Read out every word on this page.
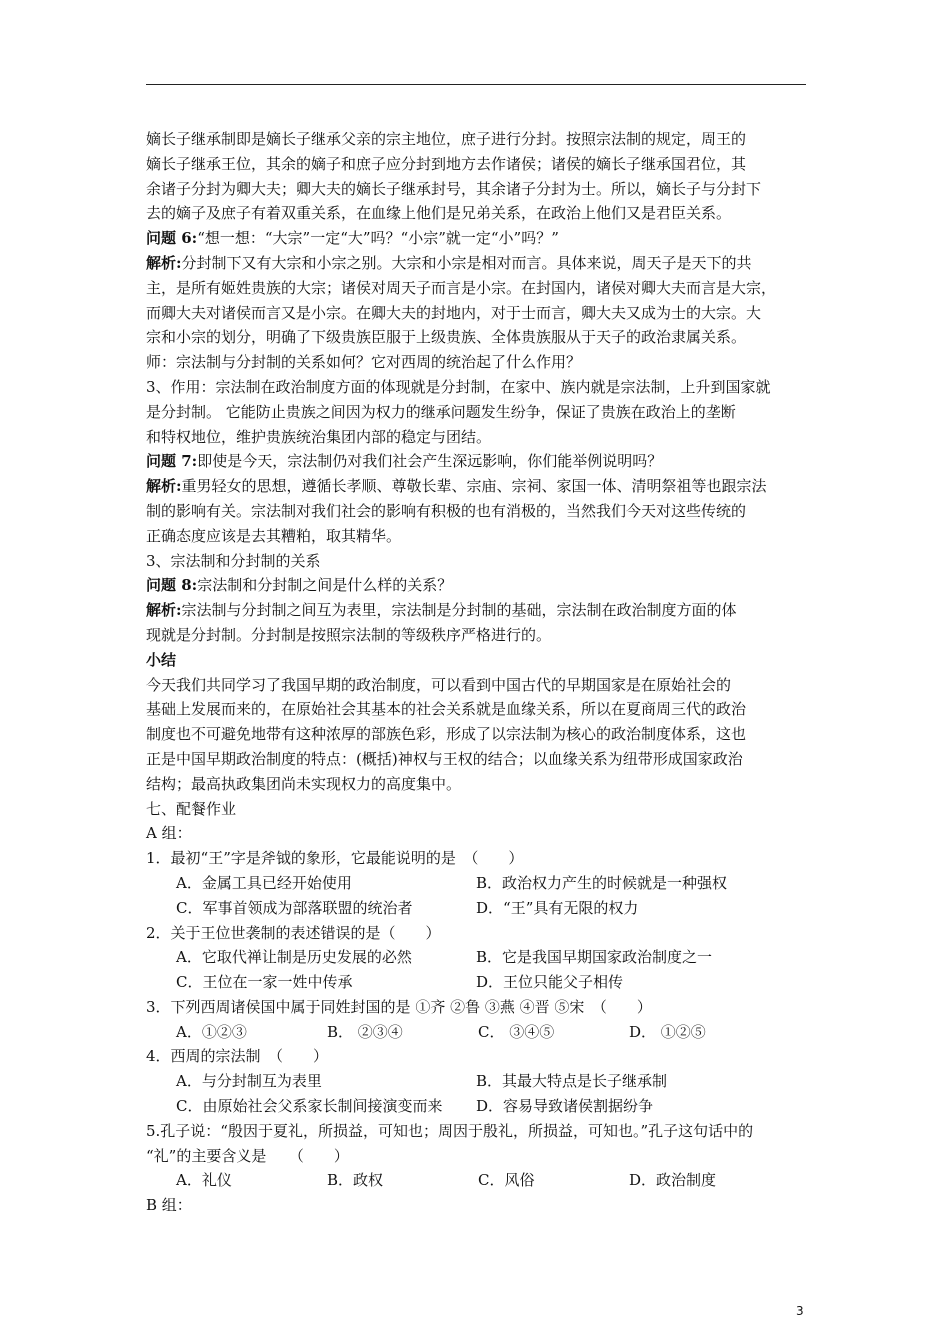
嫡长子继承制即是嫡长子继承父亲的宗主地位，庶子进行分封。按照宗法制的规定，周王的
嫡长子继承王位，其余的嫡子和庶子应分封到地方去作诸侯；诸侯的嫡长子继承国君位，其
余诸子分封为卿大夫；卿大夫的嫡长子继承封号，其余诸子分封为士。所以，嫡长子与分封下
去的嫡子及庶子有着双重关系，在血缘上他们是兄弟关系，在政治上他们又是君臣关系。
问题 6:“想一想：“大宗”一定“大”吗？“小宗”就一定“小”吗？”
解析:分封制下又有大宗和小宗之别。大宗和小宗是相对而言。具体来说，周天子是天下的共
主，是所有姬姓贵族的大宗；诸侯对周天子而言是小宗。在封国内，诸侯对卿大夫而言是大宗，
而卿大夫对诸侯而言又是小宗。在卿大夫的封地内，对于士而言，卿大夫又成为士的大宗。大
宗和小宗的划分，明确了下级贵族臣服于上级贵族、全体贵族服从于天子的政治隶属关系。
师：宗法制与分封制的关系如何？它对西周的统治起了什么作用？
3、作用：宗法制在政治制度方面的体现就是分封制，在家中、族内就是宗法制，上升到国家就
是分封制。 它能防止贵族之间因为权力的继承问题发生纷争，保证了贵族在政治上的垄断
和特权地位，维护贵族统治集团内部的稳定与团结。
问题 7:即使是今天，宗法制仍对我们社会产生深远影响，你们能举例说明吗？
解析:重男轻女的思想，遵循长孝顺、尊敬长辈、宗庙、宗祠、家国一体、清明祭祖等也跟宗法
制的影响有关。宗法制对我们社会的影响有积极的也有消极的，当然我们今天对这些传统的
正确态度应该是去其糟粕，取其精华。
3、宗法制和分封制的关系
问题 8:宗法制和分封制之间是什么样的关系？
解析:宗法制与分封制之间互为表里，宗法制是分封制的基础，宗法制在政治制度方面的体
现就是分封制。分封制是按照宗法制的等级秩序严格进行的。
小结
今天我们共同学习了我国早期的政治制度，可以看到中国古代的早期国家是在原始社会的
基础上发展而来的，在原始社会其基本的社会关系就是血缘关系，所以在夏商周三代的政治
制度也不可避免地带有这种浓厚的部族色彩，形成了以宗法制为核心的政治制度体系，这也
正是中国早期政治制度的特点：(概括)神权与王权的结合；以血缘关系为纽带形成国家政治
结构；最高执政集团尚未实现权力的高度集中。
七、配餐作业
A 组：
1．最初“王”字是斧钺的象形，它最能说明的是　（　　）
A．金属工具已经开始使用	B．政治权力产生的时候就是一种强权
C．军事首领成为部落联盟的统治者	D．“王”具有无限的权力
2．关于王位世袭制的表述错误的是（　　）
A．它取代禅让制是历史发展的必然	B．它是我国早期国家政治制度之一
C．王位在一家一姓中传承	D．王位只能父子相传
3．下列西周诸侯国中属于同姓封国的是 ①齐 ②鲁 ③燕 ④晋 ⑤宋　（　　）
A．①②③	B． ②③④	C． ③④⑤	D． ①②⑤
4．西周的宗法制　（　　）
A．与分封制互为表里	B．其最大特点是长子继承制
C．由原始社会父系家长制间接演变而来 D．容易导致诸侯割据纷争
5.孔子说：“殷因于夏礼，所损益，可知也；周因于殷礼，所损益，可知也。”孔子这句话中的
“礼”的主要含义是　　（　　）
A．礼仪	B．政权	C．风俗	D．政治制度
B 组：
3
